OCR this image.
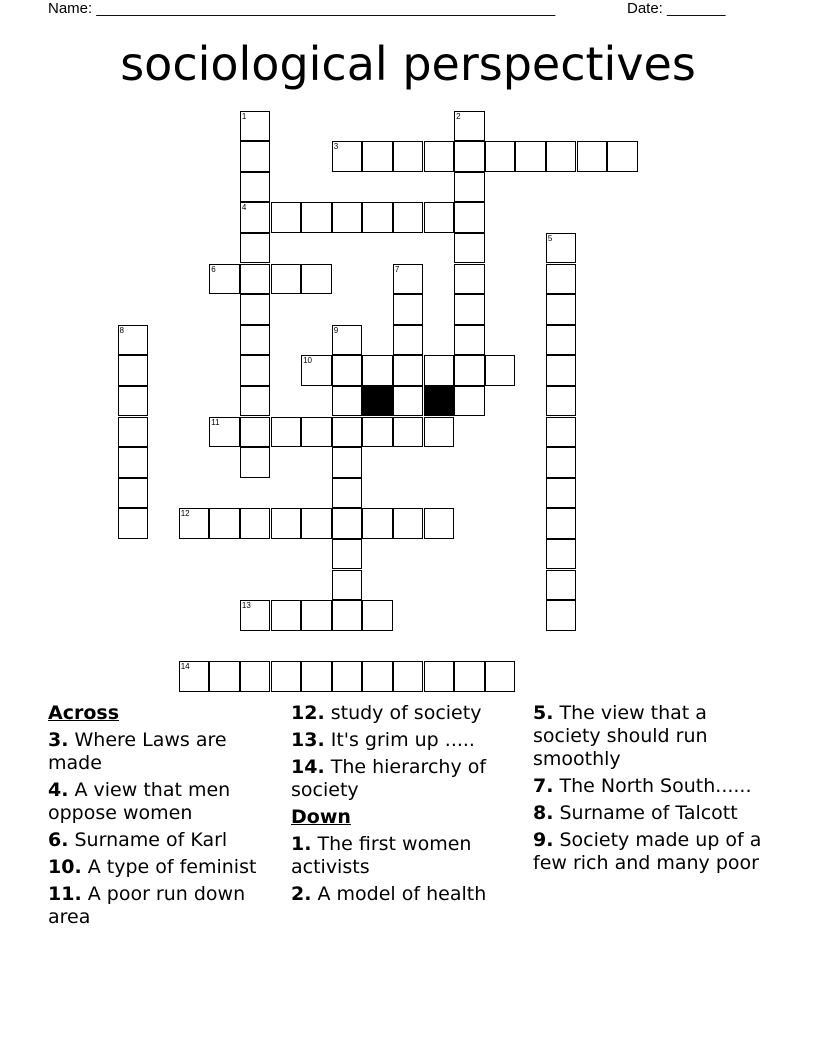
Name: _______________________________________________________	Date: _______
sociological perspectives
1
4
2
3
5
6	7
8	9
10
11
12
13
14
Across
3. Where Laws are made
4. A view that men oppose women
6. Surname of Karl
10. A type of feminist
11. A poor run down area
12. study of society
13. It's grim up .....
14. The hierarchy of society
Down
1. The first women activists
2. A model of health
5. The view that a society should run smoothly
7. The North South......
8. Surname of Talcott
9. Society made up of a few rich and many poor
